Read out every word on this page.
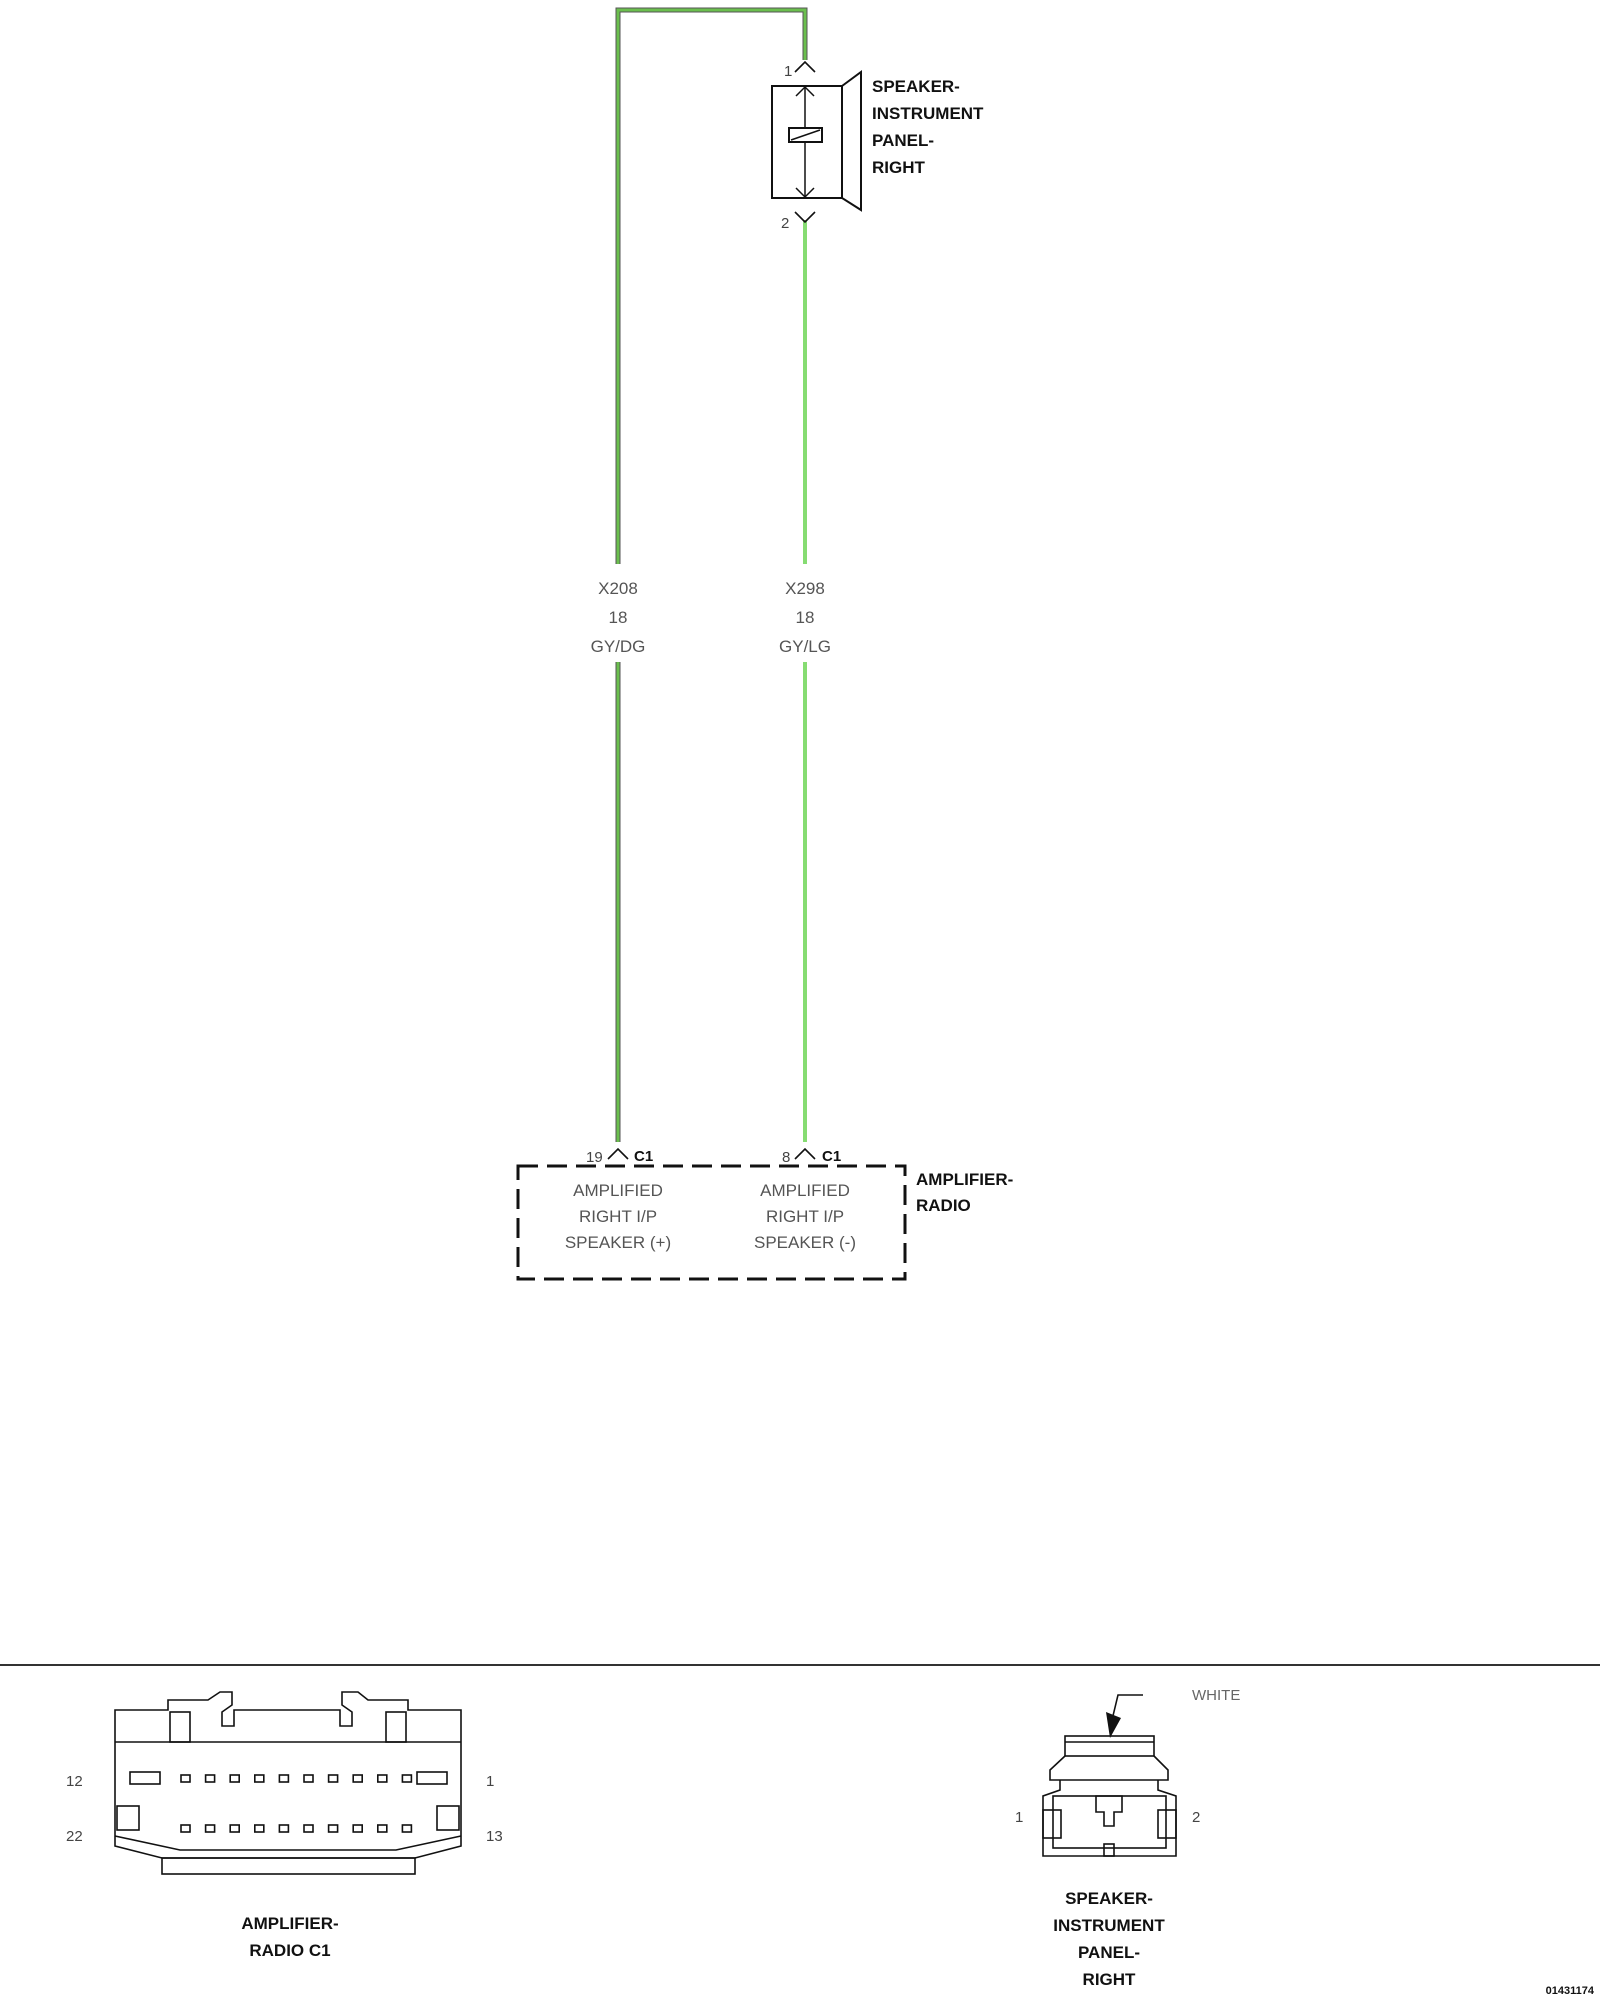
1
2
SPEAKER-
INSTRUMENT
PANEL-
RIGHT
X208
18
GY/DG
X298
18
GY/LG
19 C1	8 C1
AMPLIFIED
RIGHT I/P
SPEAKER (+)
AMPLIFIED
RIGHT I/P
SPEAKER (-)
AMPLIFIER-
RADIO
12	1
22	13
AMPLIFIER-
RADIO C1
WHITE
1	2
SPEAKER-
INSTRUMENT
PANEL-
RIGHT
01431174
